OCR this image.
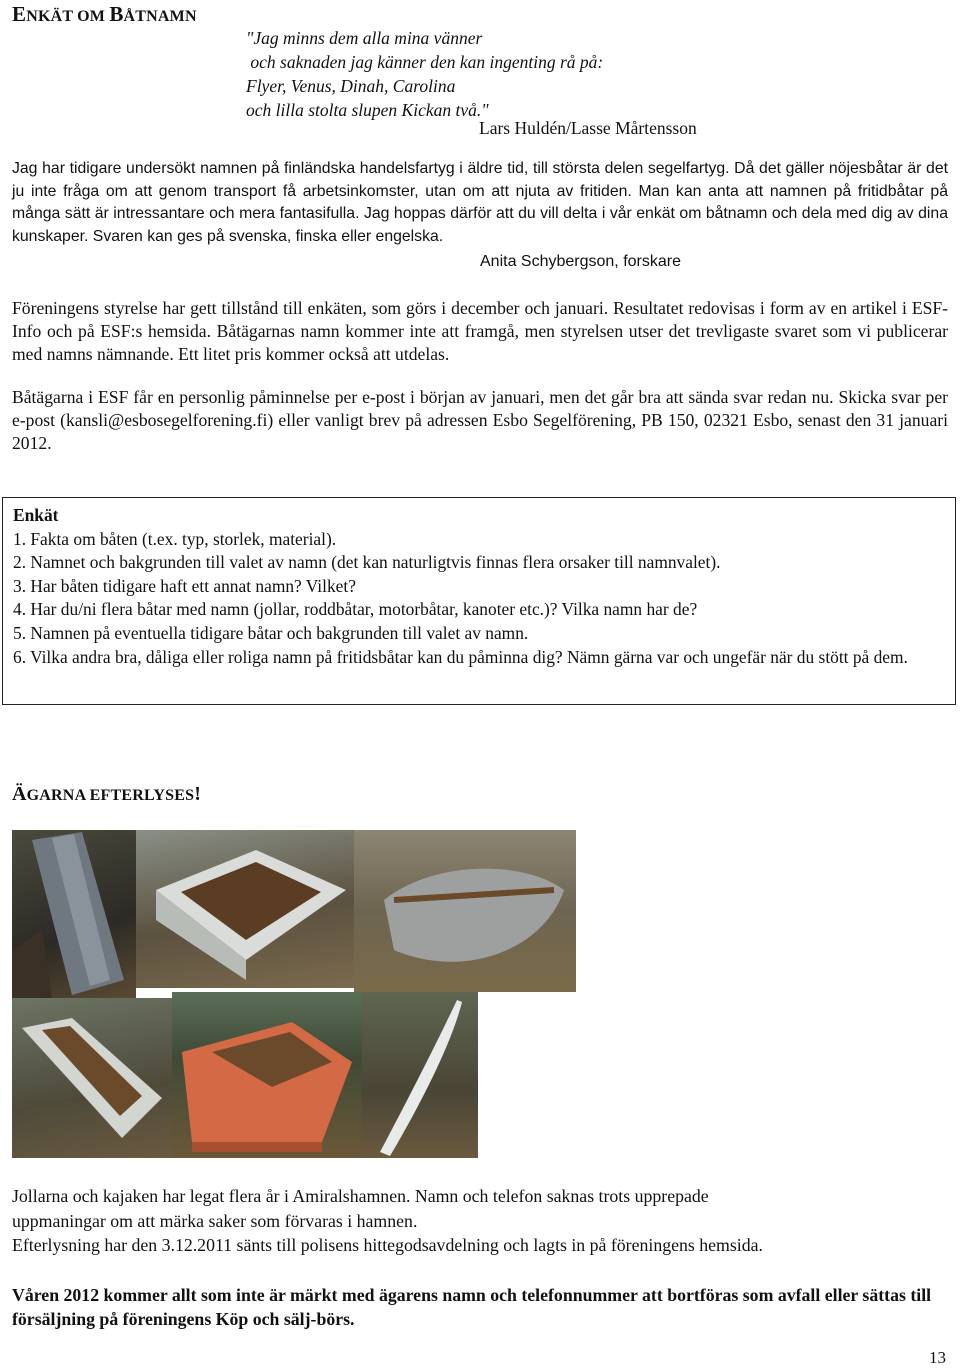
ENKÄT OM BÅTNAMN
"Jag minns dem alla mina vänner
och saknaden jag känner den kan ingenting rå på:
Flyer, Venus, Dinah, Carolina
och lilla stolta slupen Kickan två."
Lars Huldén/Lasse Mårtensson
Jag har tidigare undersökt namnen på finländska handelsfartyg i äldre tid, till största delen segelfartyg. Då det gäller nöjesbåtar är det ju inte fråga om att genom transport få arbetsinkomster, utan om att njuta av fritiden. Man kan anta att namnen på fritidbåtar på många sätt är intressantare och mera fantasifulla. Jag hoppas därför att du vill delta i vår enkät om båtnamn och dela med dig av dina kunskaper. Svaren kan ges på svenska, finska eller engelska.
Anita Schybergson, forskare
Föreningens styrelse har gett tillstånd till enkäten, som görs i december och januari. Resultatet redovisas i form av en artikel i ESF-Info och på ESF:s hemsida. Båtägarnas namn kommer inte att framgå, men styrelsen utser det trevligaste svaret som vi publicerar med namns nämnande. Ett litet pris kommer också att utdelas.
Båtägarna i ESF får en personlig påminnelse per e-post i början av januari, men det går bra att sända svar redan nu. Skicka svar per e-post (kansli@esbosegelforening.fi) eller vanligt brev på adressen Esbo Segelförening, PB 150, 02321 Esbo, senast den 31 januari 2012.
Enkät
1. Fakta om båten (t.ex. typ, storlek, material).
2. Namnet och bakgrunden till valet av namn (det kan naturligtvis finnas flera orsaker till namnvalet).
3. Har båten tidigare haft ett annat namn? Vilket?
4. Har du/ni flera båtar med namn (jollar, roddbåtar, motorbåtar, kanoter etc.)? Vilka namn har de?
5. Namnen på eventuella tidigare båtar och bakgrunden till valet av namn.
6. Vilka andra bra, dåliga eller roliga namn på fritidsbåtar kan du påminna dig? Nämn gärna var och ungefär när du stött på dem.
ÄGARNA EFTERLYSES!
Jollarna och kajaken har legat flera år i Amiralshamnen. Namn och telefon saknas trots upprepade
uppmaningar om att märka saker som förvaras i hamnen.
Efterlysning har den 3.12.2011 sänts till polisens hittegodsavdelning och lagts in på föreningens hemsida.
Våren 2012 kommer allt som inte är märkt med ägarens namn och telefonnummer att bortföras som avfall eller sättas till försäljning på föreningens Köp och sälj-börs.
13
